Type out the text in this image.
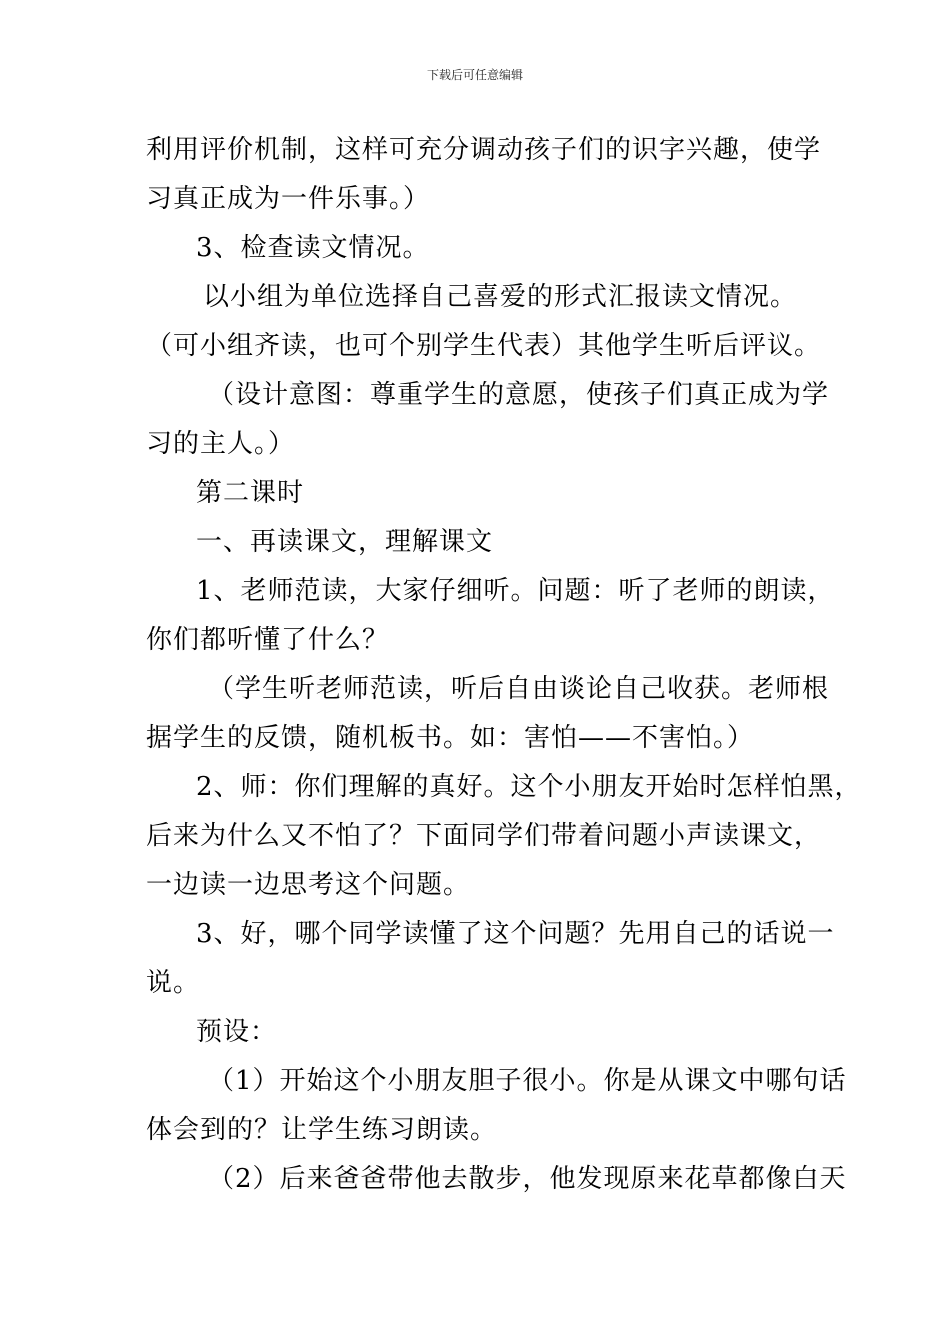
下载后可任意编辑
利用评价机制，这样可充分调动孩子们的识字兴趣，使学
习真正成为一件乐事。）
3、检查读文情况。
以小组为单位选择自己喜爱的形式汇报读文情况。
（可小组齐读，也可个别学生代表）其他学生听后评议。
（设计意图：尊重学生的意愿，使孩子们真正成为学
习的主人。）
第二课时
一、再读课文，理解课文
1、老师范读，大家仔细听。问题：听了老师的朗读，
你们都听懂了什么？
（学生听老师范读，听后自由谈论自己收获。老师根
据学生的反馈，随机板书。如：害怕——不害怕。）
2、师：你们理解的真好。这个小朋友开始时怎样怕黑，
后来为什么又不怕了？下面同学们带着问题小声读课文，
一边读一边思考这个问题。
3、好，哪个同学读懂了这个问题？先用自己的话说一
说。
预设：
（1）开始这个小朋友胆子很小。你是从课文中哪句话
体会到的？让学生练习朗读。
（2）后来爸爸带他去散步，他发现原来花草都像白天
